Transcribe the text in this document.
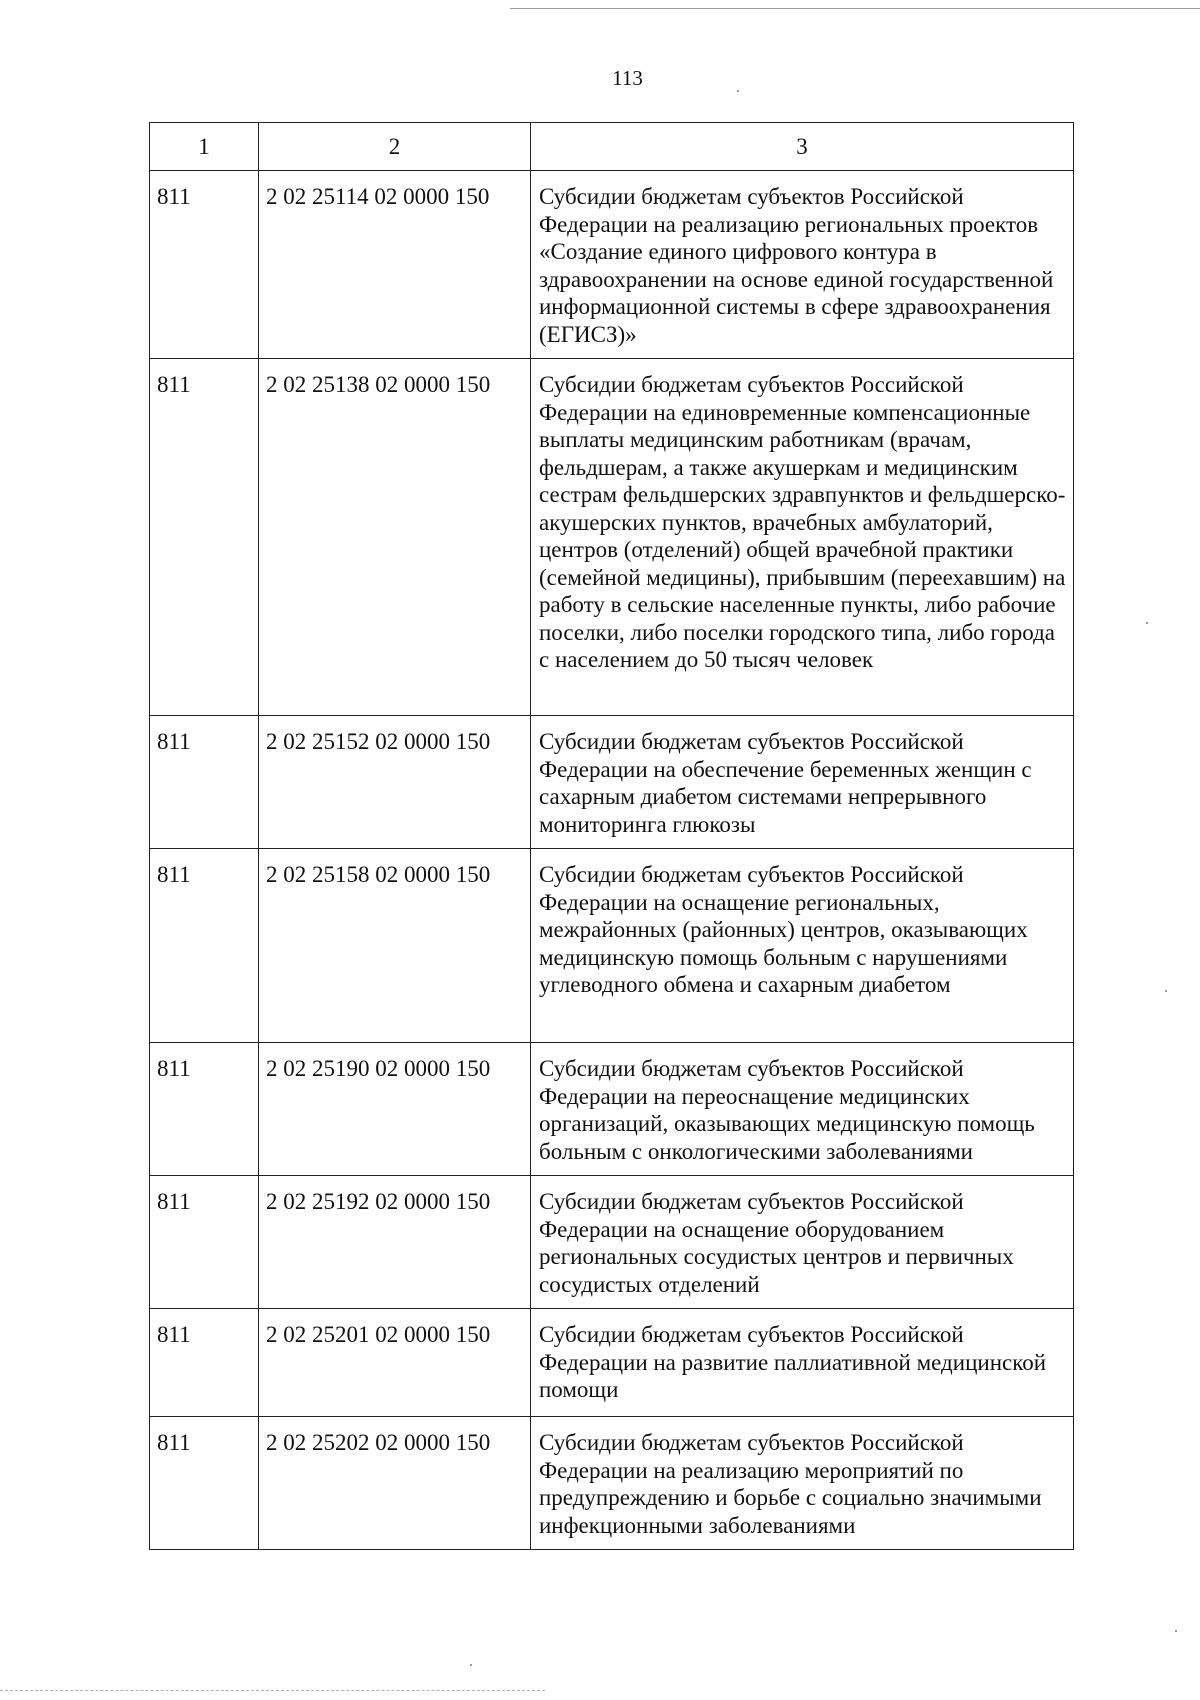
113
1	2	3
811	2 02 25114 02 0000 150	Субсидии бюджетам субъектов Российской Федерации на реализацию региональных проектов «Создание единого цифрового контура в здравоохранении на основе единой государственной информационной системы в сфере здравоохранения (ЕГИСЗ)»
811	2 02 25138 02 0000 150	Субсидии бюджетам субъектов Российской Федерации на единовременные компенсационные выплаты медицинским работникам (врачам, фельдшерам, а также акушеркам и медицинским сестрам фельдшерских здравпунктов и фельдшерско-акушерских пунктов, врачебных амбулаторий, центров (отделений) общей врачебной практики (семейной медицины), прибывшим (переехавшим) на работу в сельские населенные пункты, либо рабочие поселки, либо поселки городского типа, либо города с населением до 50 тысяч человек
811	2 02 25152 02 0000 150	Субсидии бюджетам субъектов Российской Федерации на обеспечение беременных женщин с сахарным диабетом системами непрерывного мониторинга глюкозы
811	2 02 25158 02 0000 150	Субсидии бюджетам субъектов Российской Федерации на оснащение региональных, межрайонных (районных) центров, оказывающих медицинскую помощь больным с нарушениями углеводного обмена и сахарным диабетом
811	2 02 25190 02 0000 150	Субсидии бюджетам субъектов Российской Федерации на переоснащение медицинских организаций, оказывающих медицинскую помощь больным с онкологическими заболеваниями
811	2 02 25192 02 0000 150	Субсидии бюджетам субъектов Российской Федерации на оснащение оборудованием региональных сосудистых центров и первичных сосудистых отделений
811	2 02 25201 02 0000 150	Субсидии бюджетам субъектов Российской Федерации на развитие паллиативной медицинской помощи
811	2 02 25202 02 0000 150	Субсидии бюджетам субъектов Российской Федерации на реализацию мероприятий по предупреждению и борьбе с социально значимыми инфекционными заболеваниями
